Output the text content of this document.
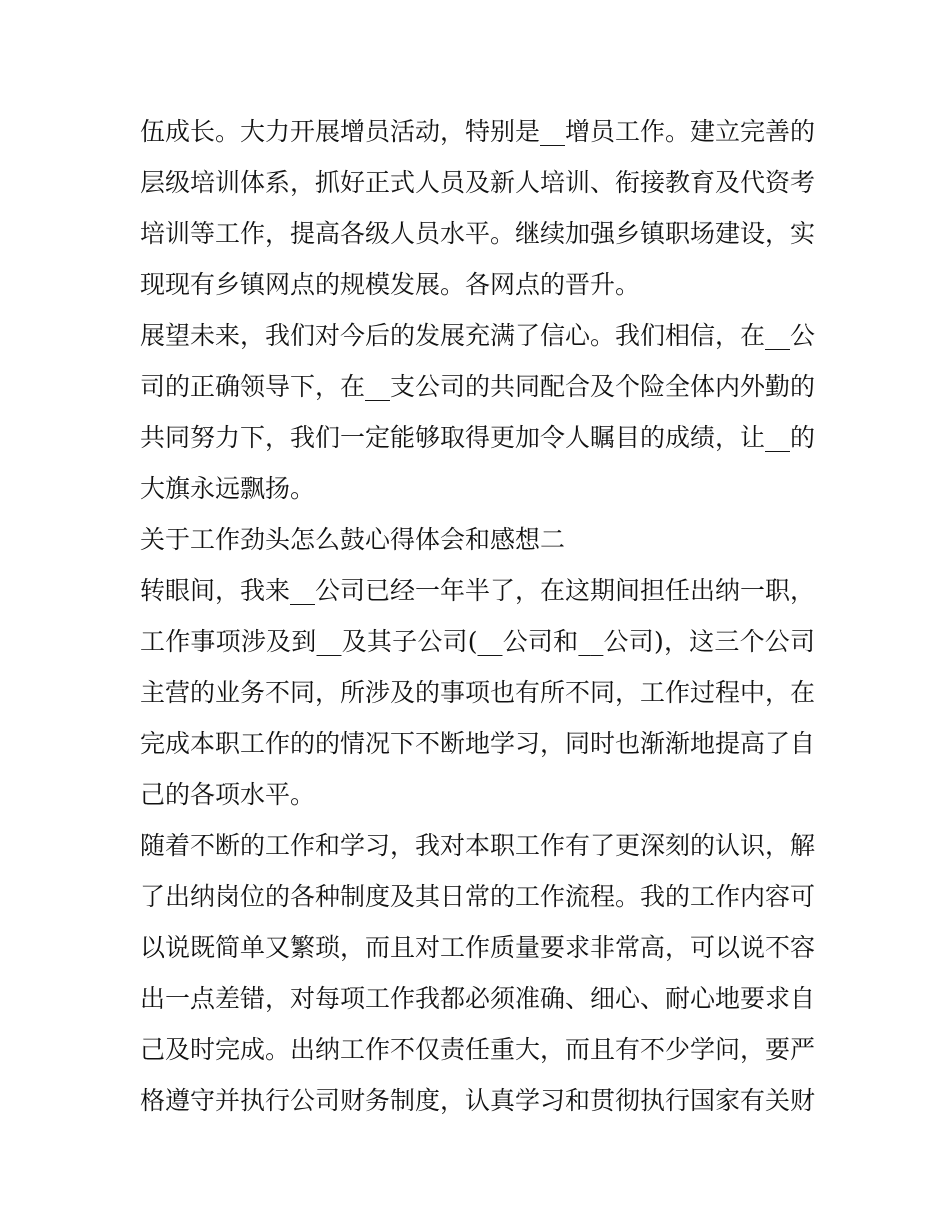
伍成长。大力开展增员活动，特别是__增员工作。建立完善的层级培训体系，抓好正式人员及新人培训、衔接教育及代资考培训等工作，提高各级人员水平。继续加强乡镇职场建设，实现现有乡镇网点的规模发展。各网点的晋升。

展望未来，我们对今后的发展充满了信心。我们相信，在__公司的正确领导下，在__支公司的共同配合及个险全体内外勤的共同努力下，我们一定能够取得更加令人瞩目的成绩，让__的大旗永远飘扬。

关于工作劲头怎么鼓心得体会和感想二

转眼间，我来__公司已经一年半了，在这期间担任出纳一职，工作事项涉及到__及其子公司(__公司和__公司)，这三个公司主营的业务不同，所涉及的事项也有所不同，工作过程中，在完成本职工作的的情况下不断地学习，同时也渐渐地提高了自己的各项水平。

随着不断的工作和学习，我对本职工作有了更深刻的认识，解了出纳岗位的各种制度及其日常的工作流程。我的工作内容可以说既简单又繁琐，而且对工作质量要求非常高，可以说不容出一点差错，对每项工作我都必须准确、细心、耐心地要求自己及时完成。出纳工作不仅责任重大，而且有不少学问，要严格遵守并执行公司财务制度，认真学习和贯彻执行国家有关财
